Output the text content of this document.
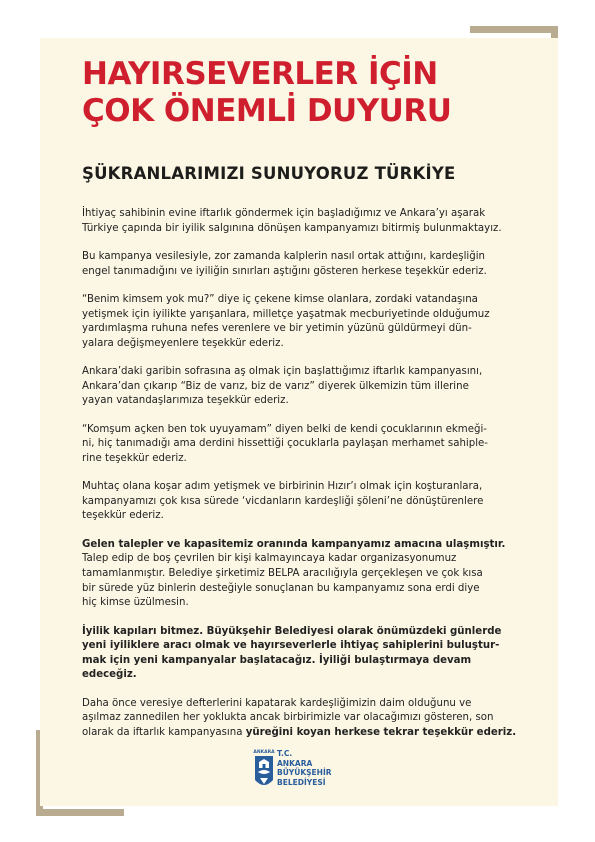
HAYIRSEVERLER İÇİN
ÇOK ÖNEMLİ DUYURU
ŞÜKRANLARIMIZI SUNUYORUZ TÜRKİYE

İhtiyaç sahibinin evine iftarlık göndermek için başladığımız ve Ankara’yı aşarak
Türkiye çapında bir iyilik salgınına dönüşen kampanyamızı bitirmiş bulunmaktayız.

Bu kampanya vesilesiyle, zor zamanda kalplerin nasıl ortak attığını, kardeşliğin
engel tanımadığını ve iyiliğin sınırları aştığını gösteren herkese teşekkür ederiz.

“Benim kimsem yok mu?” diye iç çekene kimse olanlara, zordaki vatandaşına
yetişmek için iyilikte yarışanlara, milletçe yaşatmak mecburiyetinde olduğumuz
yardımlaşma ruhuna nefes verenlere ve bir yetimin yüzünü güldürmeyi dün-
yalara değişmeyenlere teşekkür ederiz.

Ankara’daki garibin sofrasına aş olmak için başlattığımız iftarlık kampanyasını,
Ankara’dan çıkarıp “Biz de varız, biz de varız” diyerek ülkemizin tüm illerine
yayan vatandaşlarımıza teşekkür ederiz.

“Komşum açken ben tok uyuyamam” diyen belki de kendi çocuklarının ekmeği-
ni, hiç tanımadığı ama derdini hissettiği çocuklarla paylaşan merhamet sahiple-
rine teşekkür ederiz.

Muhtaç olana koşar adım yetişmek ve birbirinin Hızır’ı olmak için koşturanlara,
kampanyamızı çok kısa sürede ‘vicdanların kardeşliği şöleni’ne dönüştürenlere
teşekkür ederiz.

Gelen talepler ve kapasitemiz oranında kampanyamız amacına ulaşmıştır.
Talep edip de boş çevrilen bir kişi kalmayıncaya kadar organizasyonumuz
tamamlanmıştır. Belediye şirketimiz BELPA aracılığıyla gerçekleşen ve çok kısa
bir sürede yüz binlerin desteğiyle sonuçlanan bu kampanyamız sona erdi diye
hiç kimse üzülmesin.

İyilik kapıları bitmez. Büyükşehir Belediyesi olarak önümüzdeki günlerde
yeni iyiliklere aracı olmak ve hayırseverlerle ihtiyaç sahiplerini buluştur-
mak için yeni kampanyalar başlatacağız. İyiliği bulaştırmaya devam
edeceğiz.

Daha önce veresiye defterlerini kapatarak kardeşliğimizin daim olduğunu ve
aşılmaz zannedilen her yoklukta ancak birbirimizle var olacağımızı gösteren, son
olarak da iftarlık kampanyasına yüreğini koyan herkese tekrar teşekkür ederiz.

ANKARA T.C.
ANKARA
BÜYÜKŞEHİR
BELEDİYESİ
